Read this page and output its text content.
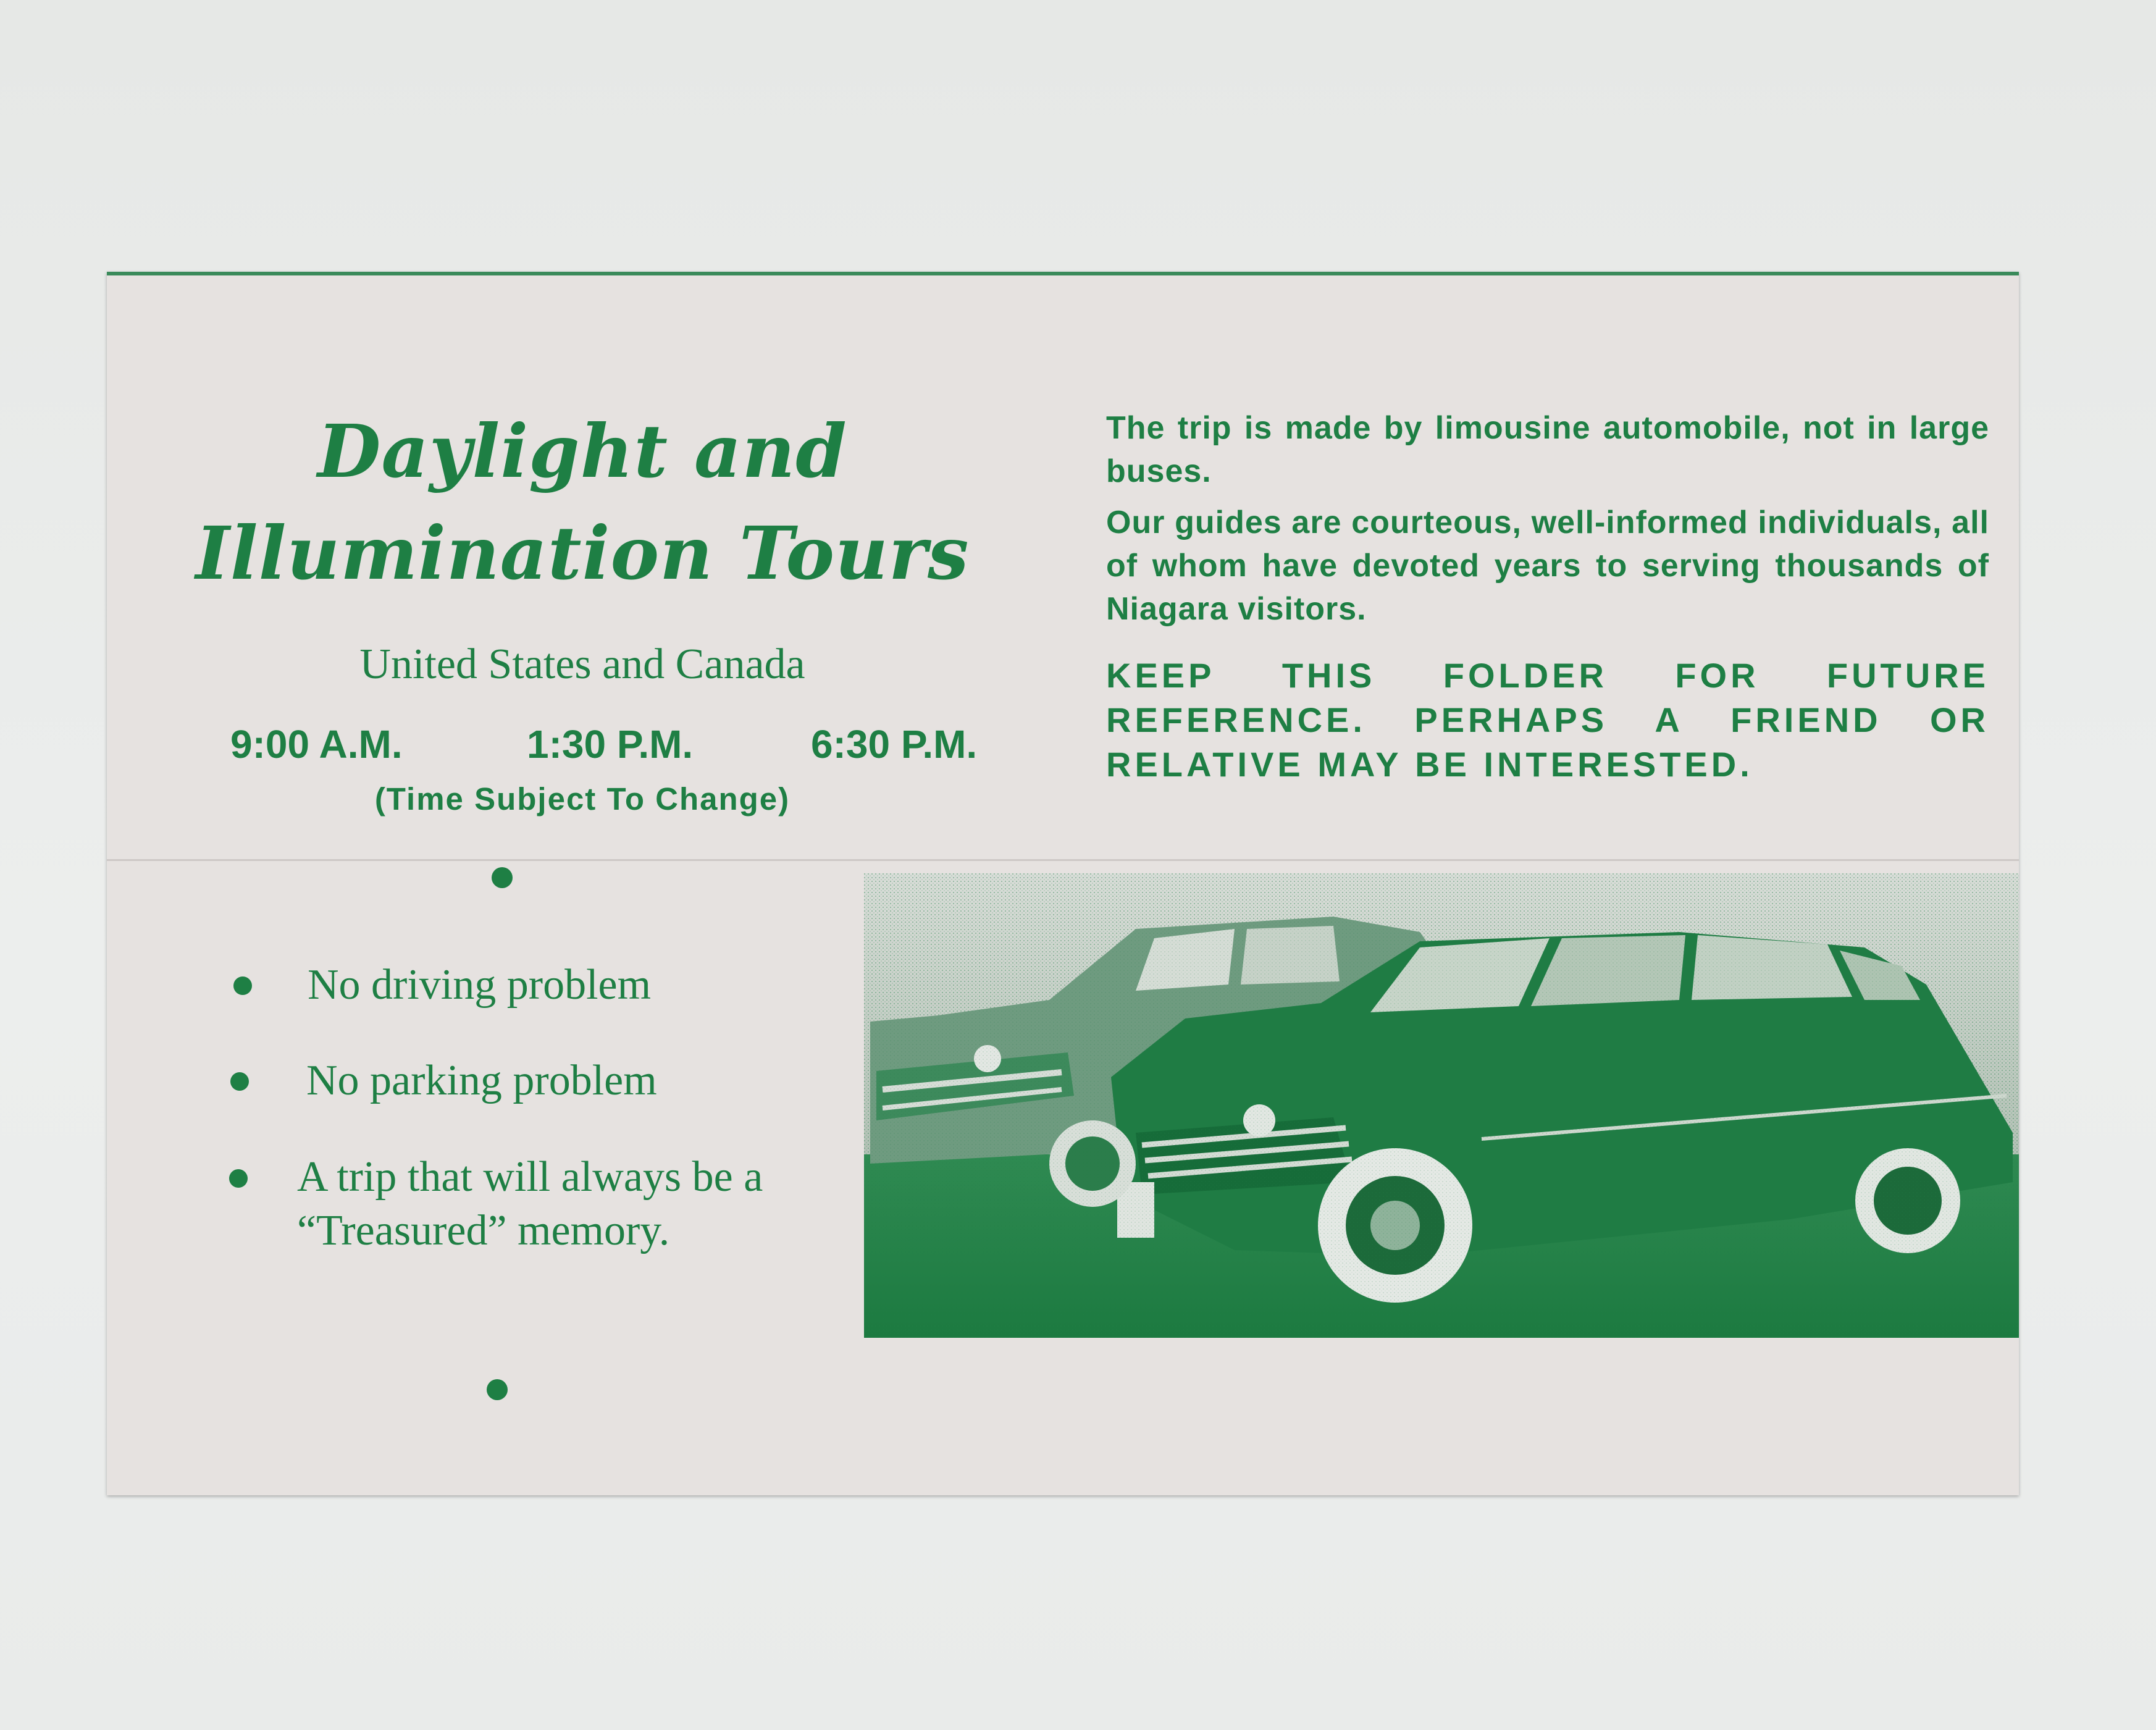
Daylight and
Illumination Tours
United States and Canada
9:00 A.M.	1:30 P.M.	6:30 P.M.
(Time Subject To Change)
The trip is made by limousine automobile, not in large buses.
Our guides are courteous, well-informed individuals, all of whom have devoted years to serving thousands of Niagara visitors.
KEEP THIS FOLDER FOR FUTURE REFERENCE. PERHAPS A FRIEND OR RELATIVE MAY BE INTERESTED.
No driving problem
No parking problem
A trip that will always be a “Treasured” memory.
